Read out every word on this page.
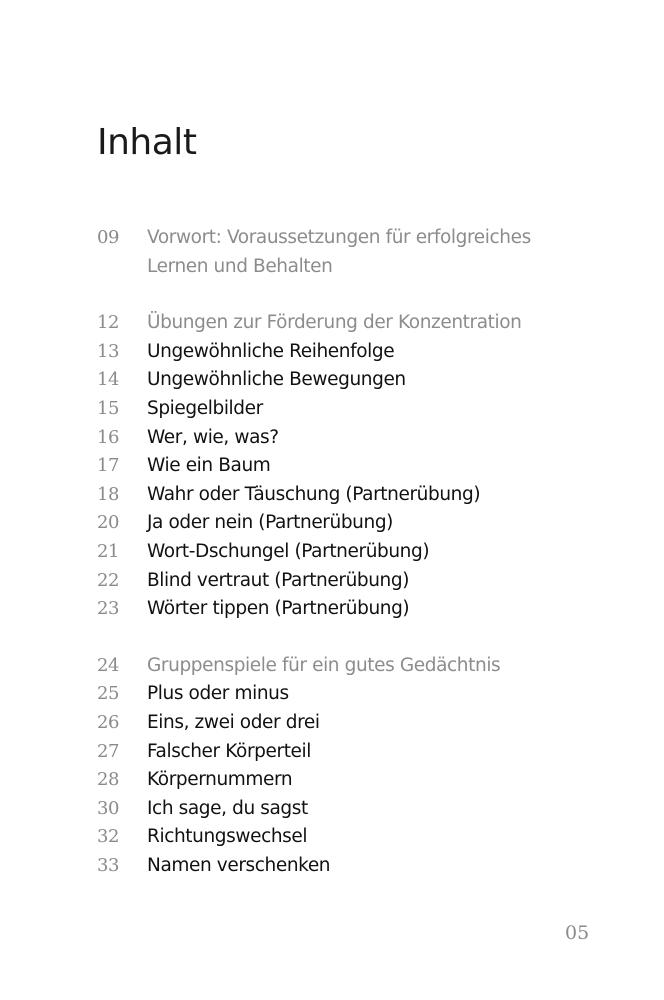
Inhalt
09	Vorwort: Voraussetzungen für erfolgreiches Lernen und Behalten
12	Übungen zur Förderung der Konzentration
13	Ungewöhnliche Reihenfolge
14	Ungewöhnliche Bewegungen
15	Spiegelbilder
16	Wer, wie, was?
17	Wie ein Baum
18	Wahr oder Täuschung (Partnerübung)
20	Ja oder nein (Partnerübung)
21	Wort-Dschungel (Partnerübung)
22	Blind vertraut (Partnerübung)
23	Wörter tippen (Partnerübung)
24	Gruppenspiele für ein gutes Gedächtnis
25	Plus oder minus
26	Eins, zwei oder drei
27	Falscher Körperteil
28	Körpernummern
30	Ich sage, du sagst
32	Richtungswechsel
33	Namen verschenken
05
